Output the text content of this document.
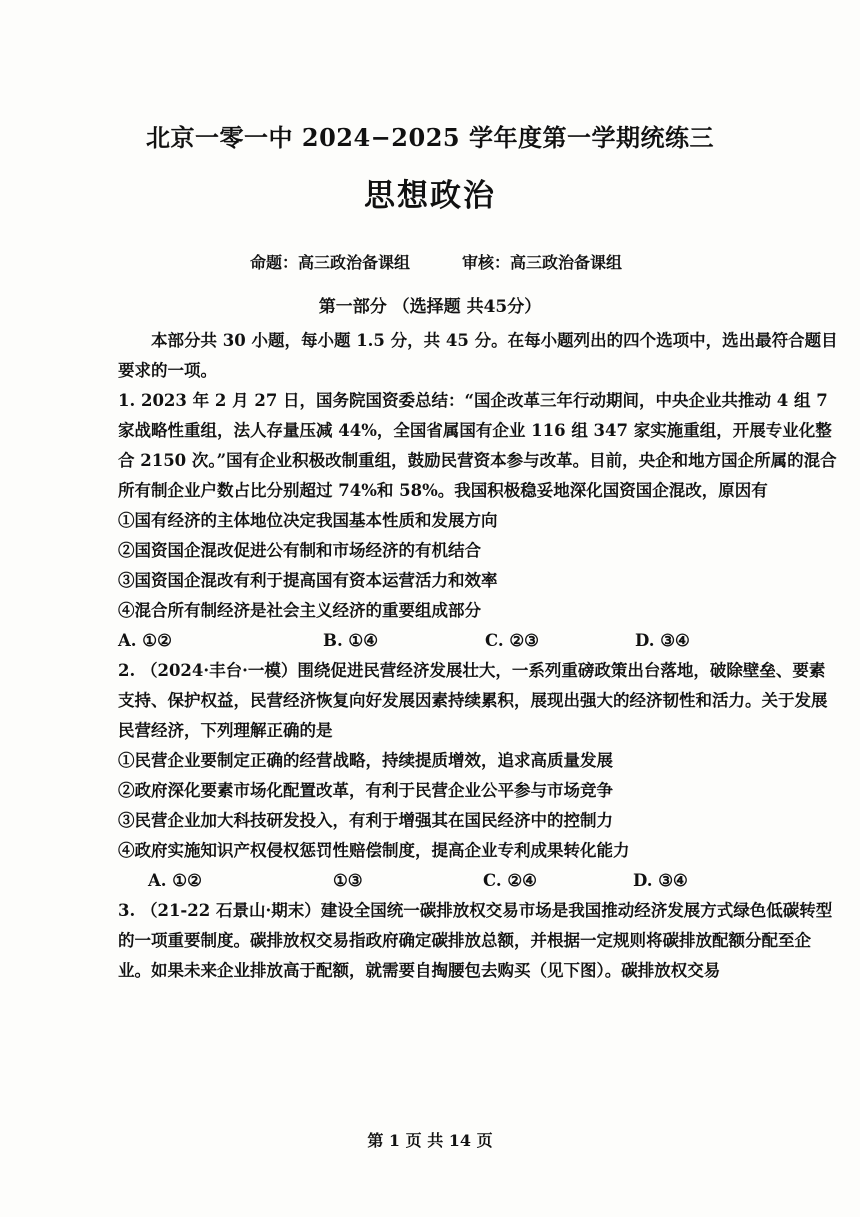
北京一零一中 2024−2025 学年度第一学期统练三
思想政治
命题：高三政治备课组	审核：高三政治备课组
第一部分 （选择题 共45分）

本部分共 30 小题，每小题 1.5 分，共 45 分。在每小题列出的四个选项中，选出最符合题目要求的一项。

1. 2023 年 2 月 27 日，国务院国资委总结：“国企改革三年行动期间，中央企业共推动 4 组 7 家战略性重组，法人存量压减 44%，全国省属国有企业 116 组 347 家实施重组，开展专业化整合 2150 次。”国有企业积极改制重组，鼓励民营资本参与改革。目前，央企和地方国企所属的混合所有制企业户数占比分别超过 74%和 58%。我国积极稳妥地深化国资国企混改，原因有

①国有经济的主体地位决定我国基本性质和发展方向

②国资国企混改促进公有制和市场经济的有机结合

③国资国企混改有利于提高国有资本运营活力和效率

④混合所有制经济是社会主义经济的重要组成部分

A. ①②	B. ①④	C. ②③	D. ③④

2. （2024·丰台·一模）围绕促进民营经济发展壮大，一系列重磅政策出台落地，破除壁垒、要素支持、保护权益，民营经济恢复向好发展因素持续累积，展现出强大的经济韧性和活力。关于发展民营经济，下列理解正确的是

①民营企业要制定正确的经营战略，持续提质增效，追求高质量发展

②政府深化要素市场化配置改革，有利于民营企业公平参与市场竞争

③民营企业加大科技研发投入，有利于增强其在国民经济中的控制力

④政府实施知识产权侵权惩罚性赔偿制度，提高企业专利成果转化能力

A. ①②	①③	C. ②④	D. ③④

3. （21-22 石景山·期末）建设全国统一碳排放权交易市场是我国推动经济发展方式绿色低碳转型的一项重要制度。碳排放权交易指政府确定碳排放总额，并根据一定规则将碳排放配额分配至企业。如果未来企业排放高于配额，就需要自掏腰包去购买（见下图）。碳排放权交易

第 1 页 共 14 页
